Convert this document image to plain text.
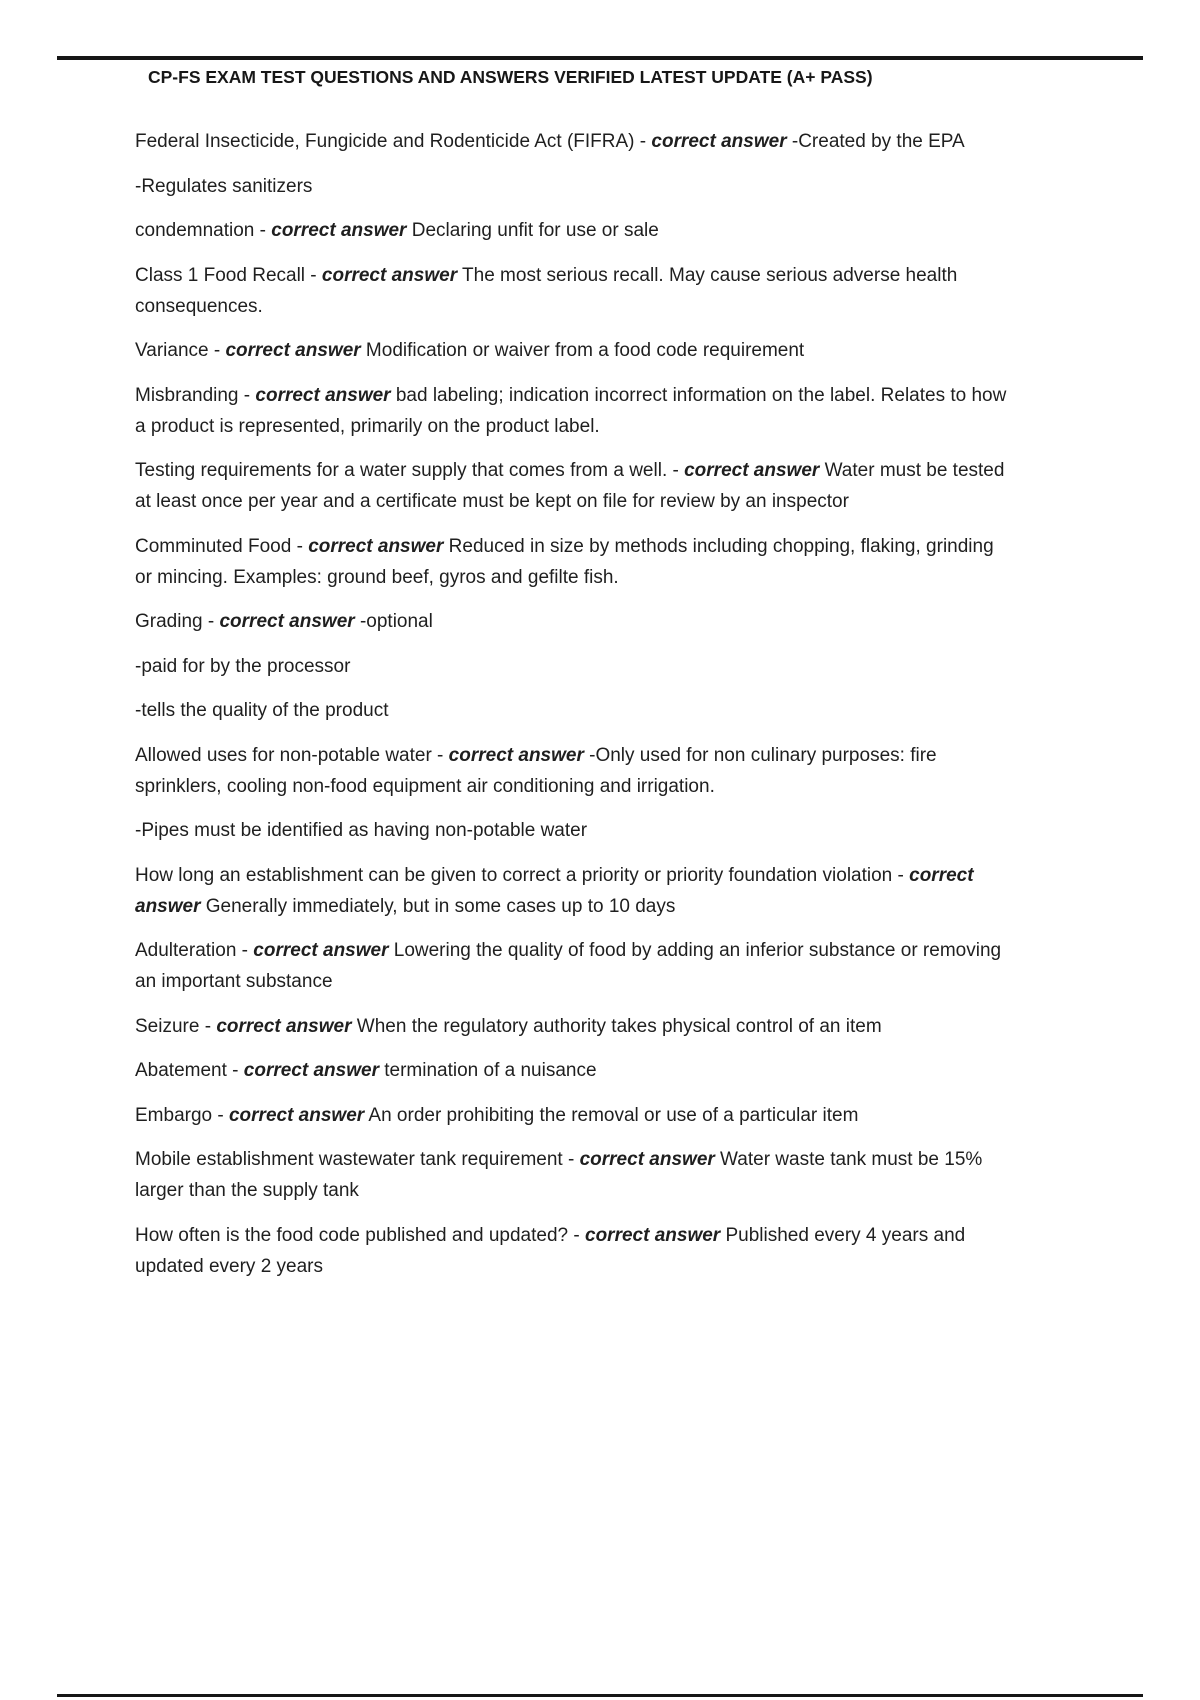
CP-FS EXAM TEST QUESTIONS AND ANSWERS VERIFIED LATEST UPDATE (A+ PASS)

Federal Insecticide, Fungicide and Rodenticide Act (FIFRA) - correct answer -Created by the EPA

-Regulates sanitizers

condemnation - correct answer Declaring unfit for use or sale

Class 1 Food Recall - correct answer The most serious recall. May cause serious adverse health consequences.

Variance - correct answer Modification or waiver from a food code requirement

Misbranding - correct answer bad labeling; indication incorrect information on the label. Relates to how a product is represented, primarily on the product label.

Testing requirements for a water supply that comes from a well. - correct answer Water must be tested at least once per year and a certificate must be kept on file for review by an inspector

Comminuted Food - correct answer Reduced in size by methods including chopping, flaking, grinding or mincing. Examples: ground beef, gyros and gefilte fish.

Grading - correct answer -optional

-paid for by the processor

-tells the quality of the product

Allowed uses for non-potable water - correct answer -Only used for non culinary purposes: fire sprinklers, cooling non-food equipment air conditioning and irrigation.

-Pipes must be identified as having non-potable water

How long an establishment can be given to correct a priority or priority foundation violation - correct answer Generally immediately, but in some cases up to 10 days

Adulteration - correct answer Lowering the quality of food by adding an inferior substance or removing an important substance

Seizure - correct answer When the regulatory authority takes physical control of an item

Abatement - correct answer termination of a nuisance

Embargo - correct answer An order prohibiting the removal or use of a particular item

Mobile establishment wastewater tank requirement - correct answer Water waste tank must be 15% larger than the supply tank

How often is the food code published and updated? - correct answer Published every 4 years and updated every 2 years
